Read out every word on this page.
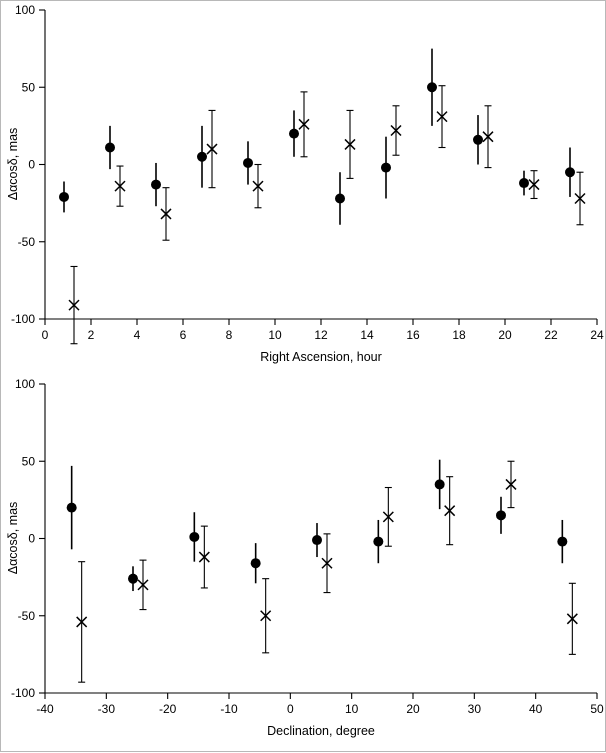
100
50
0
-50
-100
0	2	4	6	8	10	12	14	16	18	20	22	24
Right Ascension, hour
Δαcosδ, mas
100
50
0
-50
-100
-40	-30	-20	-10	0	10	20	30	40	50
Declination, degree
Δαcosδ, mas
